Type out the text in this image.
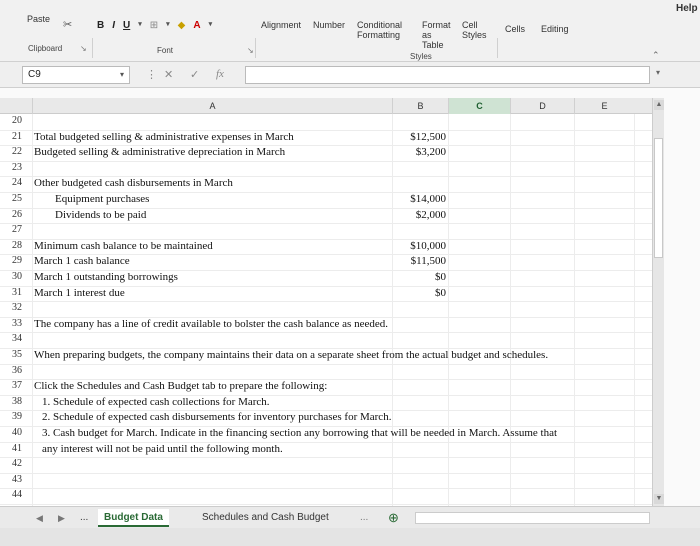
Paste ✂ B I U ▾ ⊞ ▾ ◆ A ▾	Alignment Number Conditional Formatting
Format as Table
Cell Styles
Cells Editing
Help
Clipboard ↘	Font	↘
Styles	⌃
C9	▾ ⋮ ✕ ✓ fx	▾
A	B	C	D	E
20
21	Total budgeted selling & administrative expenses in March	$12,500
22	Budgeted selling & administrative depreciation in March	$3,200
23
24	Other budgeted cash disbursements in March
25	Equipment purchases	$14,000
26	Dividends to be paid	$2,000
27
28	Minimum cash balance to be maintained	$10,000
29	March 1 cash balance	$11,500
30	March 1 outstanding borrowings	$0
31	March 1 interest due	$0
32
33	The company has a line of credit available to bolster the cash balance as needed.
34
35	When preparing budgets, the company maintains their data on a separate sheet from the actual budget and schedules.
36
37	Click the Schedules and Cash Budget tab to prepare the following:
38	1. Schedule of expected cash collections for March.
39	2. Schedule of expected cash disbursements for inventory purchases for March.
40	3. Cash budget for March. Indicate in the financing section any borrowing that will be needed in March. Assume that
41	any interest will not be paid until the following month.
42
43
44
▲
▼
◀	▶	...	Budget Data	Schedules and Cash Budget	...	⊕
